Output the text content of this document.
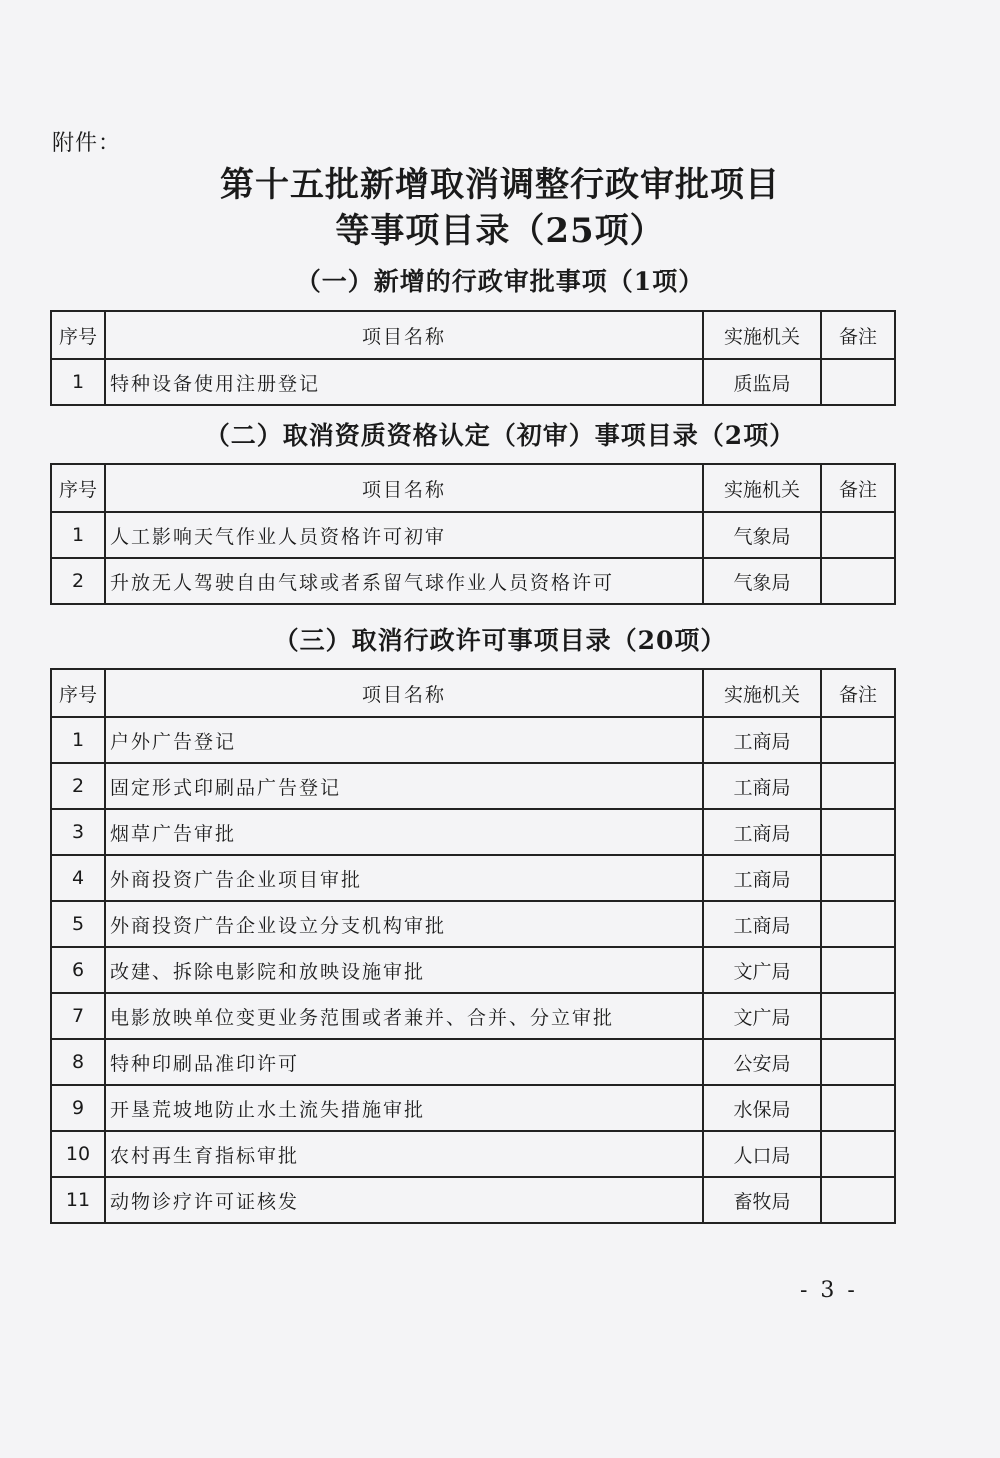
附件：
第十五批新增取消调整行政审批项目
等事项目录（25项）
（一）新增的行政审批事项（1项）
序号	项目名称	实施机关	备注
1	特种设备使用注册登记	质监局	
（二）取消资质资格认定（初审）事项目录（2项）
序号	项目名称	实施机关	备注
1	人工影响天气作业人员资格许可初审	气象局	
2	升放无人驾驶自由气球或者系留气球作业人员资格许可	气象局	
（三）取消行政许可事项目录（20项）
序号	项目名称	实施机关	备注
1	户外广告登记	工商局	
2	固定形式印刷品广告登记	工商局	
3	烟草广告审批	工商局	
4	外商投资广告企业项目审批	工商局	
5	外商投资广告企业设立分支机构审批	工商局	
6	改建、拆除电影院和放映设施审批	文广局	
7	电影放映单位变更业务范围或者兼并、合并、分立审批	文广局	
8	特种印刷品准印许可	公安局	
9	开垦荒坡地防止水土流失措施审批	水保局	
10	农村再生育指标审批	人口局	
11	动物诊疗许可证核发	畜牧局	
- 3 -
